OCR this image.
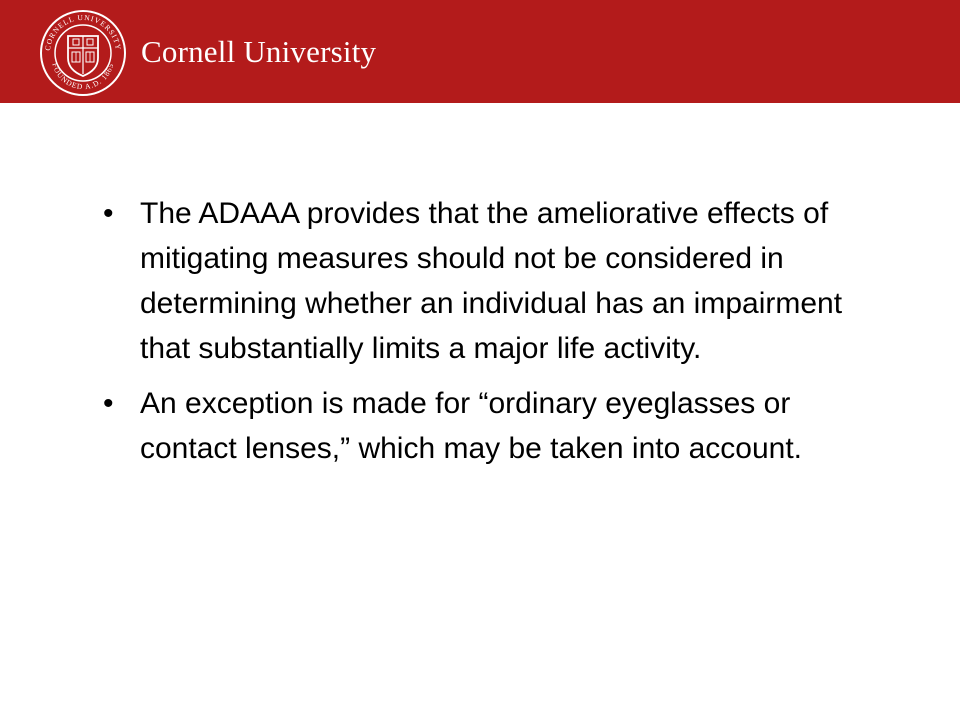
CORNELL UNIVERSITY
FOUNDED A.D. 1865 Cornell University
• The ADAAA provides that the ameliorative effects of mitigating measures should not be considered in determining whether an individual has an impairment that substantially limits a major life activity.
• An exception is made for “ordinary eyeglasses or contact lenses,” which may be taken into account.
